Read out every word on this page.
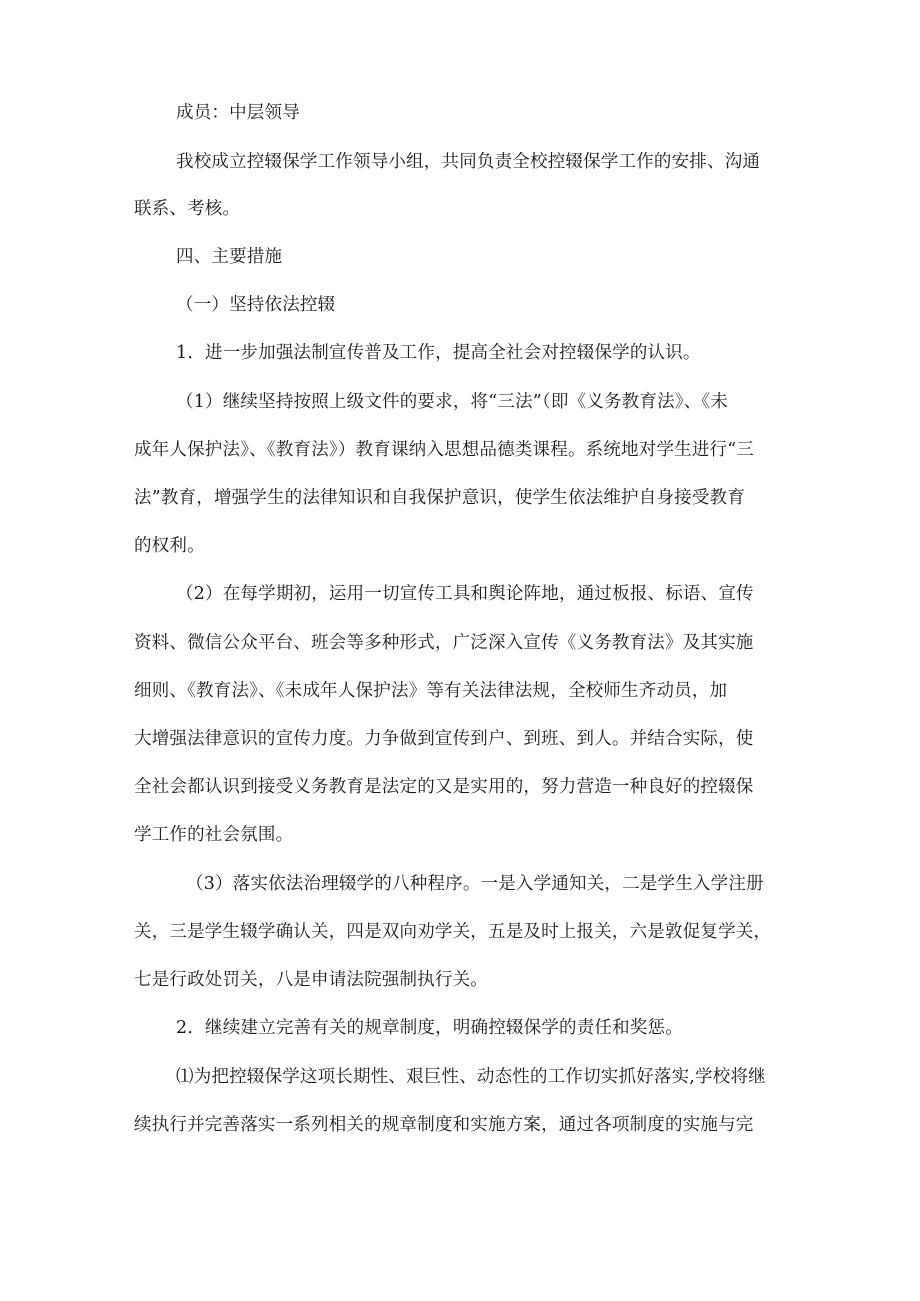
成员：中层领导
我校成立控辍保学工作领导小组，共同负责全校控辍保学工作的安排、沟通
联系、考核。
四、主要措施
（一）坚持依法控辍
1．进一步加强法制宣传普及工作，提高全社会对控辍保学的认识。
（1）继续坚持按照上级文件的要求，将“三法”（即《义务教育法》、《未
成年人保护法》、《教育法》）教育课纳入思想品德类课程。系统地对学生进行“三
法”教育，增强学生的法律知识和自我保护意识，使学生依法维护自身接受教育
的权利。
（2）在每学期初，运用一切宣传工具和舆论阵地，通过板报、标语、宣传
资料、微信公众平台、班会等多种形式，广泛深入宣传《义务教育法》及其实施
细则、《教育法》、《未成年人保护法》等有关法律法规，全校师生齐动员，加
大增强法律意识的宣传力度。力争做到宣传到户、到班、到人。并结合实际，使
全社会都认识到接受义务教育是法定的又是实用的，努力营造一种良好的控辍保
学工作的社会氛围。
（3）落实依法治理辍学的八种程序。一是入学通知关，二是学生入学注册
关，三是学生辍学确认关，四是双向劝学关，五是及时上报关，六是敦促复学关，
七是行政处罚关，八是申请法院强制执行关。
2．继续建立完善有关的规章制度，明确控辍保学的责任和奖惩。
⑴为把控辍保学这项长期性、艰巨性、动态性的工作切实抓好落实,学校将继
续执行并完善落实一系列相关的规章制度和实施方案，通过各项制度的实施与完
